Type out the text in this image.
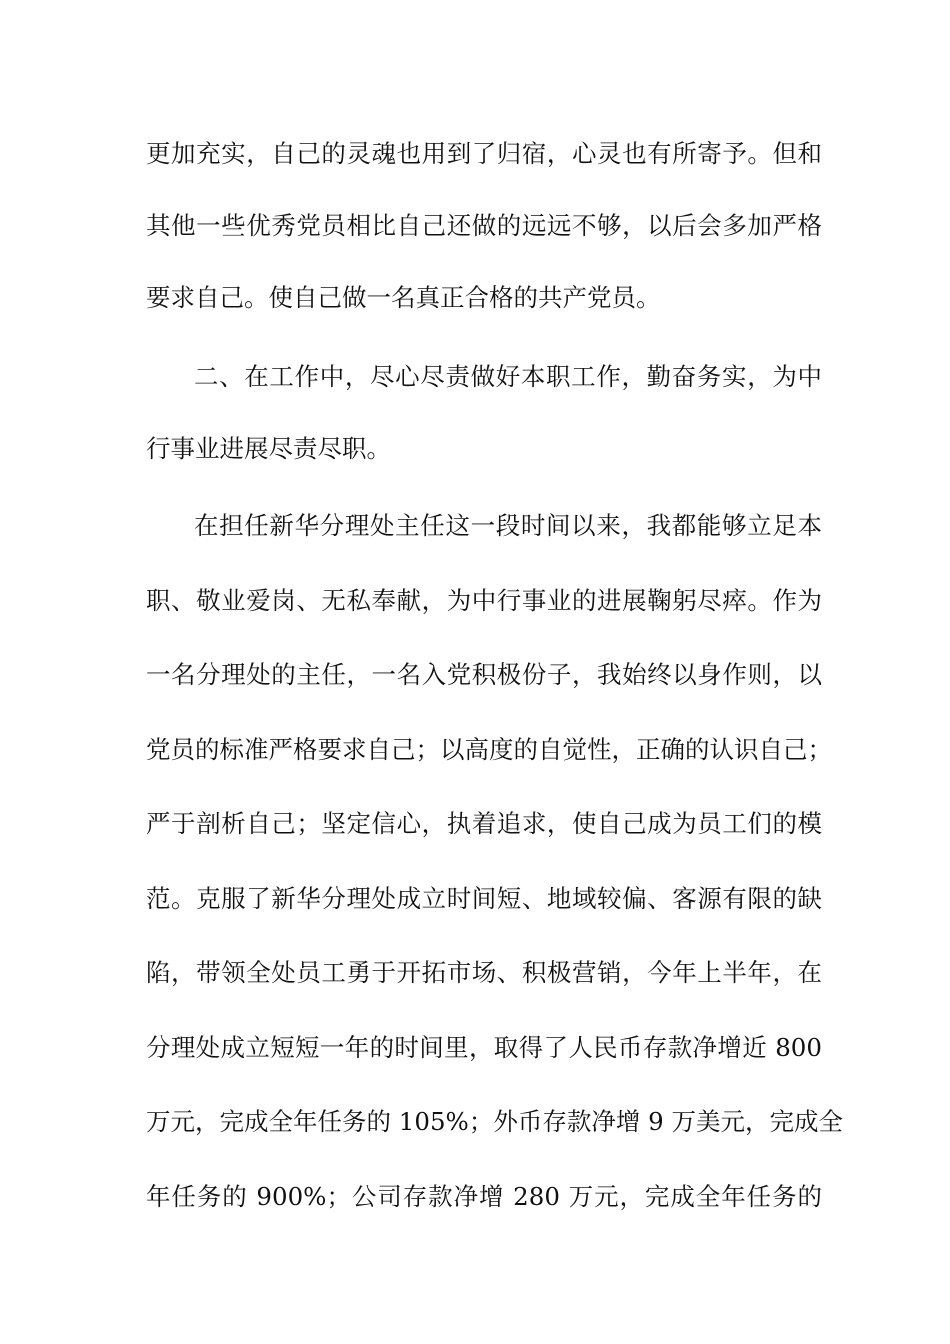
更加充实，自己的灵魂也用到了归宿，心灵也有所寄予。但和
其他一些优秀党员相比自己还做的远远不够，以后会多加严格
要求自己。使自己做一名真正合格的共产党员。
二、在工作中，尽心尽责做好本职工作，勤奋务实，为中
行事业进展尽责尽职。
在担任新华分理处主任这一段时间以来，我都能够立足本
职、敬业爱岗、无私奉献，为中行事业的进展鞠躬尽瘁。作为
一名分理处的主任，一名入党积极份子，我始终以身作则，以
党员的标准严格要求自己；以高度的自觉性，正确的认识自己；
严于剖析自己；坚定信心，执着追求，使自己成为员工们的模
范。克服了新华分理处成立时间短、地域较偏、客源有限的缺
陷，带领全处员工勇于开拓市场、积极营销，今年上半年，在
分理处成立短短一年的时间里，取得了人民币存款净增近 800
万元，完成全年任务的 105%；外币存款净增 9 万美元，完成全
年任务的 900%；公司存款净增 280 万元，完成全年任务的
